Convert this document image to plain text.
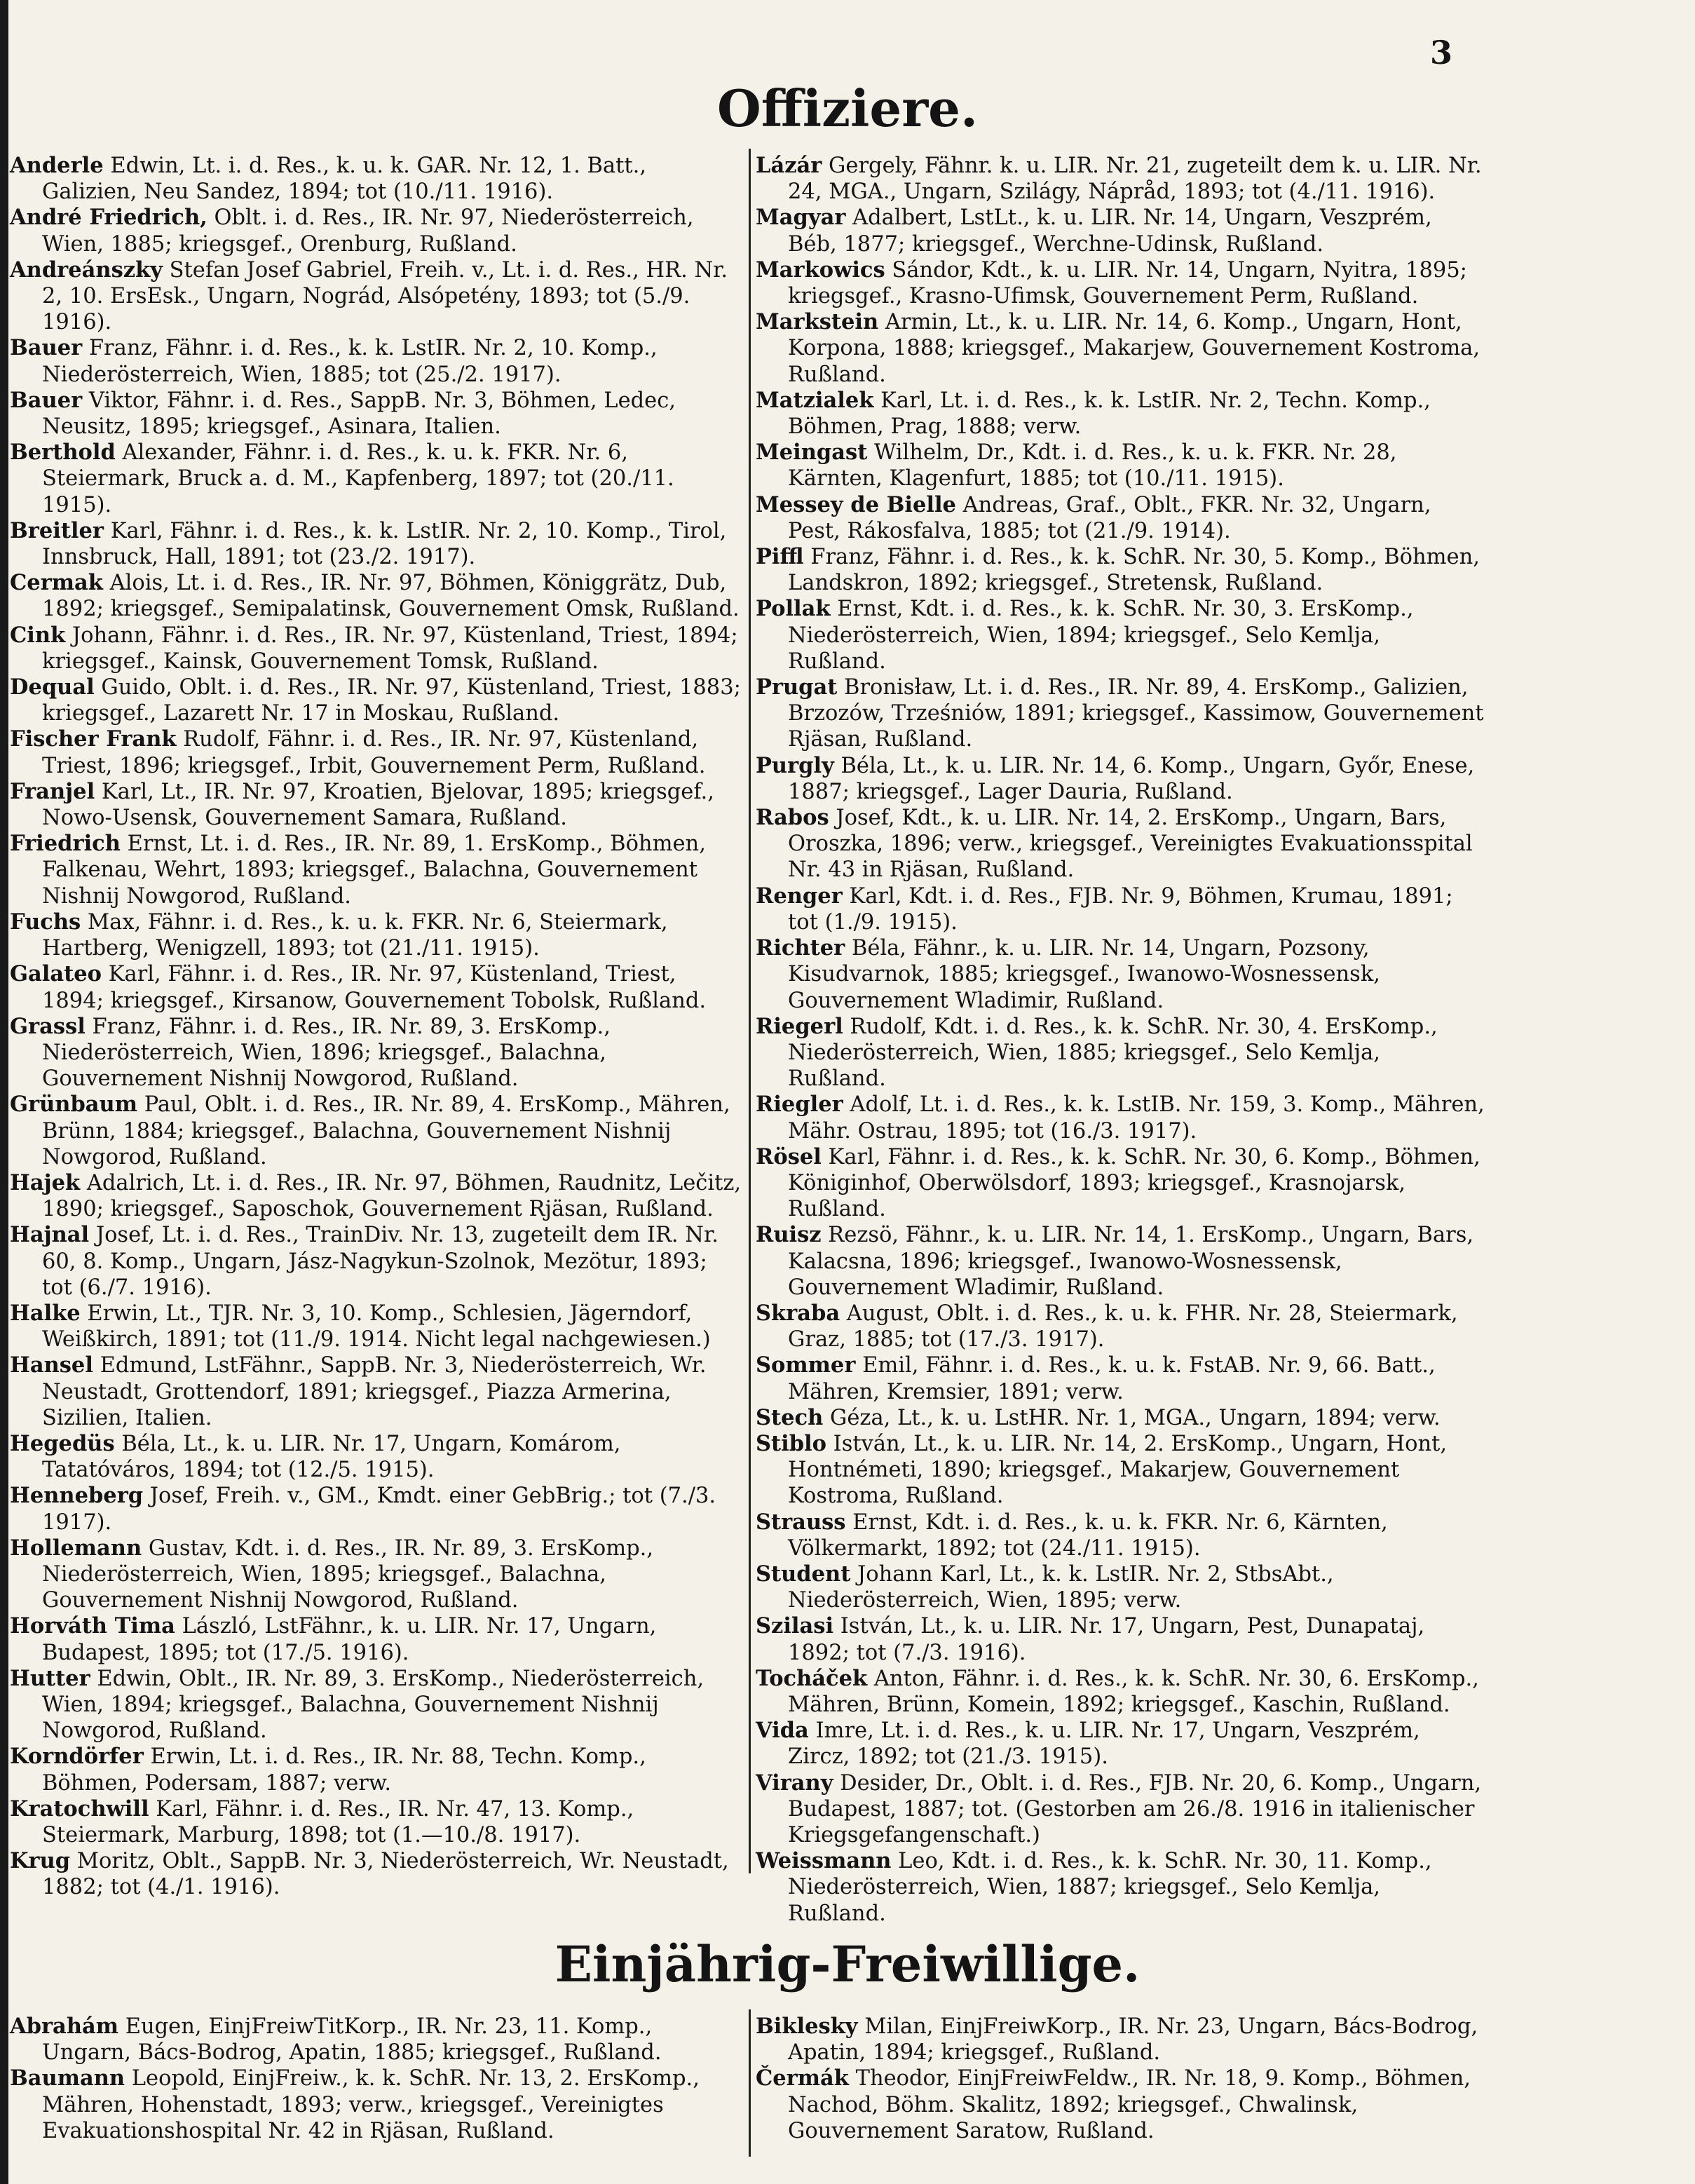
3
Offiziere.

Anderle Edwin, Lt. i. d. Res., k. u. k. GAR. Nr. 12, 1. Batt., Galizien, Neu Sandez, 1894; tot (10./11. 1916).

André Friedrich, Oblt. i. d. Res., IR. Nr. 97, Niederösterreich, Wien, 1885; kriegsgef., Orenburg, Rußland.

Andreánszky Stefan Josef Gabriel, Freih. v., Lt. i. d. Res., HR. Nr. 2, 10. ErsEsk., Ungarn, Nográd, Alsópetény, 1893; tot (5./9. 1916).

Bauer Franz, Fähnr. i. d. Res., k. k. LstIR. Nr. 2, 10. Komp., Niederösterreich, Wien, 1885; tot (25./2. 1917).

Bauer Viktor, Fähnr. i. d. Res., SappB. Nr. 3, Böhmen, Ledec, Neusitz, 1895; kriegsgef., Asinara, Italien.

Berthold Alexander, Fähnr. i. d. Res., k. u. k. FKR. Nr. 6, Steiermark, Bruck a. d. M., Kapfenberg, 1897; tot (20./11. 1915).

Breitler Karl, Fähnr. i. d. Res., k. k. LstIR. Nr. 2, 10. Komp., Tirol, Innsbruck, Hall, 1891; tot (23./2. 1917).

Cermak Alois, Lt. i. d. Res., IR. Nr. 97, Böhmen, Königgrätz, Dub, 1892; kriegsgef., Semipalatinsk, Gouvernement Omsk, Rußland.

Cink Johann, Fähnr. i. d. Res., IR. Nr. 97, Küstenland, Triest, 1894; kriegsgef., Kainsk, Gouvernement Tomsk, Rußland.

Dequal Guido, Oblt. i. d. Res., IR. Nr. 97, Küstenland, Triest, 1883; kriegsgef., Lazarett Nr. 17 in Moskau, Rußland.

Fischer Frank Rudolf, Fähnr. i. d. Res., IR. Nr. 97, Küstenland, Triest, 1896; kriegsgef., Irbit, Gouvernement Perm, Rußland.

Franjel Karl, Lt., IR. Nr. 97, Kroatien, Bjelovar, 1895; kriegsgef., Nowo-Usensk, Gouvernement Samara, Rußland.

Friedrich Ernst, Lt. i. d. Res., IR. Nr. 89, 1. ErsKomp., Böhmen, Falkenau, Wehrt, 1893; kriegsgef., Balachna, Gouvernement Nishnij Nowgorod, Rußland.

Fuchs Max, Fähnr. i. d. Res., k. u. k. FKR. Nr. 6, Steiermark, Hartberg, Wenigzell, 1893; tot (21./11. 1915).

Galateo Karl, Fähnr. i. d. Res., IR. Nr. 97, Küstenland, Triest, 1894; kriegsgef., Kirsanow, Gouvernement Tobolsk, Rußland.

Grassl Franz, Fähnr. i. d. Res., IR. Nr. 89, 3. ErsKomp., Niederösterreich, Wien, 1896; kriegsgef., Balachna, Gouvernement Nishnij Nowgorod, Rußland.

Grünbaum Paul, Oblt. i. d. Res., IR. Nr. 89, 4. ErsKomp., Mähren, Brünn, 1884; kriegsgef., Balachna, Gouvernement Nishnij Nowgorod, Rußland.

Hajek Adalrich, Lt. i. d. Res., IR. Nr. 97, Böhmen, Raudnitz, Lečitz, 1890; kriegsgef., Saposchok, Gouvernement Rjäsan, Rußland.

Hajnal Josef, Lt. i. d. Res., TrainDiv. Nr. 13, zugeteilt dem IR. Nr. 60, 8. Komp., Ungarn, Jász-Nagykun-Szolnok, Mezötur, 1893; tot (6./7. 1916).

Halke Erwin, Lt., TJR. Nr. 3, 10. Komp., Schlesien, Jägerndorf, Weißkirch, 1891; tot (11./9. 1914. Nicht legal nachgewiesen.)

Hansel Edmund, LstFähnr., SappB. Nr. 3, Niederösterreich, Wr. Neustadt, Grottendorf, 1891; kriegsgef., Piazza Armerina, Sizilien, Italien.

Hegedüs Béla, Lt., k. u. LIR. Nr. 17, Ungarn, Komárom, Tatatóváros, 1894; tot (12./5. 1915).

Henneberg Josef, Freih. v., GM., Kmdt. einer GebBrig.; tot (7./3. 1917).

Hollemann Gustav, Kdt. i. d. Res., IR. Nr. 89, 3. ErsKomp., Niederösterreich, Wien, 1895; kriegsgef., Balachna, Gouvernement Nishnij Nowgorod, Rußland.

Horváth Tima László, LstFähnr., k. u. LIR. Nr. 17, Ungarn, Budapest, 1895; tot (17./5. 1916).

Hutter Edwin, Oblt., IR. Nr. 89, 3. ErsKomp., Niederösterreich, Wien, 1894; kriegsgef., Balachna, Gouvernement Nishnij Nowgorod, Rußland.

Korndörfer Erwin, Lt. i. d. Res., IR. Nr. 88, Techn. Komp., Böhmen, Podersam, 1887; verw.

Kratochwill Karl, Fähnr. i. d. Res., IR. Nr. 47, 13. Komp., Steiermark, Marburg, 1898; tot (1.—10./8. 1917).

Krug Moritz, Oblt., SappB. Nr. 3, Niederösterreich, Wr. Neustadt, 1882; tot (4./1. 1916).

Lázár Gergely, Fähnr. k. u. LIR. Nr. 21, zugeteilt dem k. u. LIR. Nr. 24, MGA., Ungarn, Szilágy, Nápråd, 1893; tot (4./11. 1916).

Magyar Adalbert, LstLt., k. u. LIR. Nr. 14, Ungarn, Veszprém, Béb, 1877; kriegsgef., Werchne-Udinsk, Rußland.

Markowics Sándor, Kdt., k. u. LIR. Nr. 14, Ungarn, Nyitra, 1895; kriegsgef., Krasno-Ufimsk, Gouvernement Perm, Rußland.

Markstein Armin, Lt., k. u. LIR. Nr. 14, 6. Komp., Ungarn, Hont, Korpona, 1888; kriegsgef., Makarjew, Gouvernement Kostroma, Rußland.

Matzialek Karl, Lt. i. d. Res., k. k. LstIR. Nr. 2, Techn. Komp., Böhmen, Prag, 1888; verw.

Meingast Wilhelm, Dr., Kdt. i. d. Res., k. u. k. FKR. Nr. 28, Kärnten, Klagenfurt, 1885; tot (10./11. 1915).

Messey de Bielle Andreas, Graf., Oblt., FKR. Nr. 32, Ungarn, Pest, Rákosfalva, 1885; tot (21./9. 1914).

Piffl Franz, Fähnr. i. d. Res., k. k. SchR. Nr. 30, 5. Komp., Böhmen, Landskron, 1892; kriegsgef., Stretensk, Rußland.

Pollak Ernst, Kdt. i. d. Res., k. k. SchR. Nr. 30, 3. ErsKomp., Niederösterreich, Wien, 1894; kriegsgef., Selo Kemlja, Rußland.

Prugat Bronisław, Lt. i. d. Res., IR. Nr. 89, 4. ErsKomp., Galizien, Brzozów, Trześniów, 1891; kriegsgef., Kassimow, Gouvernement Rjäsan, Rußland.

Purgly Béla, Lt., k. u. LIR. Nr. 14, 6. Komp., Ungarn, Győr, Enese, 1887; kriegsgef., Lager Dauria, Rußland.

Rabos Josef, Kdt., k. u. LIR. Nr. 14, 2. ErsKomp., Ungarn, Bars, Oroszka, 1896; verw., kriegsgef., Vereinigtes Evakuationsspital Nr. 43 in Rjäsan, Rußland.

Renger Karl, Kdt. i. d. Res., FJB. Nr. 9, Böhmen, Krumau, 1891; tot (1./9. 1915).

Richter Béla, Fähnr., k. u. LIR. Nr. 14, Ungarn, Pozsony, Kisudvarnok, 1885; kriegsgef., Iwanowo-Wosnessensk, Gouvernement Wladimir, Rußland.

Riegerl Rudolf, Kdt. i. d. Res., k. k. SchR. Nr. 30, 4. ErsKomp., Niederösterreich, Wien, 1885; kriegsgef., Selo Kemlja, Rußland.

Riegler Adolf, Lt. i. d. Res., k. k. LstIB. Nr. 159, 3. Komp., Mähren, Mähr. Ostrau, 1895; tot (16./3. 1917).

Rösel Karl, Fähnr. i. d. Res., k. k. SchR. Nr. 30, 6. Komp., Böhmen, Königinhof, Oberwölsdorf, 1893; kriegsgef., Krasnojarsk, Rußland.

Ruisz Rezsö, Fähnr., k. u. LIR. Nr. 14, 1. ErsKomp., Ungarn, Bars, Kalacsna, 1896; kriegsgef., Iwanowo-Wosnessensk, Gouvernement Wladimir, Rußland.

Skraba August, Oblt. i. d. Res., k. u. k. FHR. Nr. 28, Steiermark, Graz, 1885; tot (17./3. 1917).

Sommer Emil, Fähnr. i. d. Res., k. u. k. FstAB. Nr. 9, 66. Batt., Mähren, Kremsier, 1891; verw.

Stech Géza, Lt., k. u. LstHR. Nr. 1, MGA., Ungarn, 1894; verw.

Stiblo István, Lt., k. u. LIR. Nr. 14, 2. ErsKomp., Ungarn, Hont, Hontnémeti, 1890; kriegsgef., Makarjew, Gouvernement Kostroma, Rußland.

Strauss Ernst, Kdt. i. d. Res., k. u. k. FKR. Nr. 6, Kärnten, Völkermarkt, 1892; tot (24./11. 1915).

Student Johann Karl, Lt., k. k. LstIR. Nr. 2, StbsAbt., Niederösterreich, Wien, 1895; verw.

Szilasi István, Lt., k. u. LIR. Nr. 17, Ungarn, Pest, Dunapataj, 1892; tot (7./3. 1916).

Tocháček Anton, Fähnr. i. d. Res., k. k. SchR. Nr. 30, 6. ErsKomp., Mähren, Brünn, Komein, 1892; kriegsgef., Kaschin, Rußland.

Vida Imre, Lt. i. d. Res., k. u. LIR. Nr. 17, Ungarn, Veszprém, Zircz, 1892; tot (21./3. 1915).

Virany Desider, Dr., Oblt. i. d. Res., FJB. Nr. 20, 6. Komp., Ungarn, Budapest, 1887; tot. (Gestorben am 26./8. 1916 in italienischer Kriegsgefangenschaft.)

Weissmann Leo, Kdt. i. d. Res., k. k. SchR. Nr. 30, 11. Komp., Niederösterreich, Wien, 1887; kriegsgef., Selo Kemlja, Rußland.

Einjährig-Freiwillige.

Abrahám Eugen, EinjFreiwTitKorp., IR. Nr. 23, 11. Komp., Ungarn, Bács-Bodrog, Apatin, 1885; kriegsgef., Rußland.

Baumann Leopold, EinjFreiw., k. k. SchR. Nr. 13, 2. ErsKomp., Mähren, Hohenstadt, 1893; verw., kriegsgef., Vereinigtes Evakuationshospital Nr. 42 in Rjäsan, Rußland.

Biklesky Milan, EinjFreiwKorp., IR. Nr. 23, Ungarn, Bács-Bodrog, Apatin, 1894; kriegsgef., Rußland.

Čermák Theodor, EinjFreiwFeldw., IR. Nr. 18, 9. Komp., Böhmen, Nachod, Böhm. Skalitz, 1892; kriegsgef., Chwalinsk, Gouvernement Saratow, Rußland.
